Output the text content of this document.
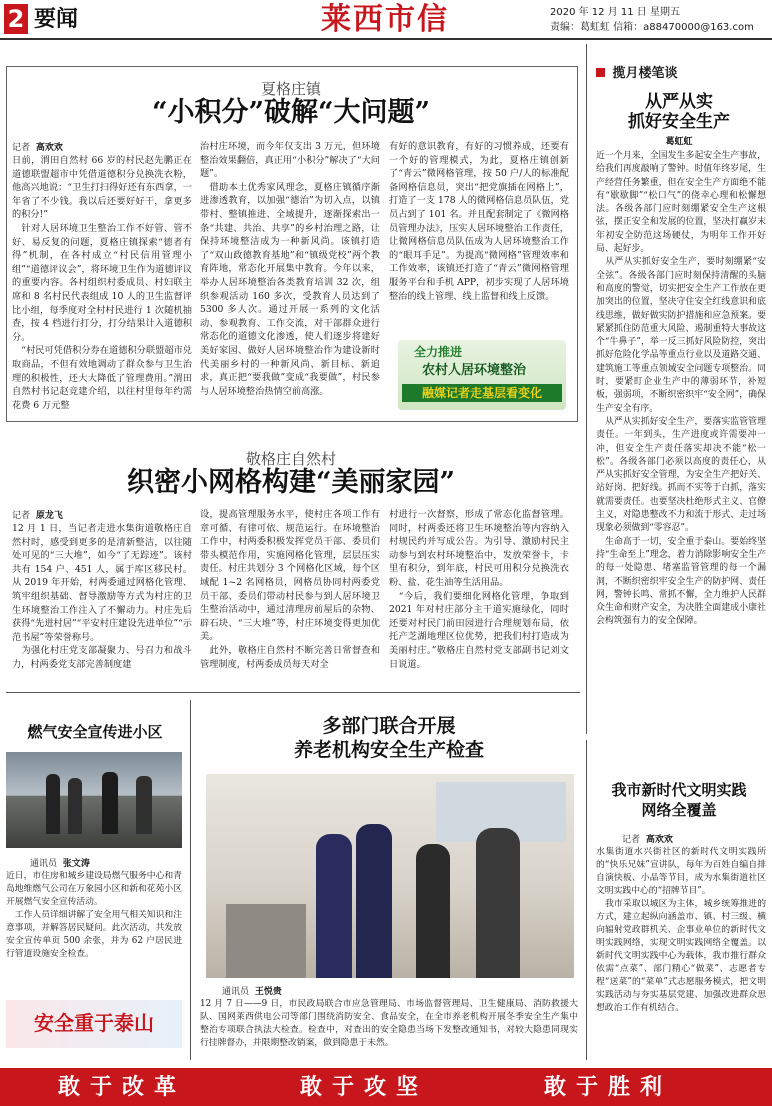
2 要闻	莱西市信	2020 年 12 月 11 日 星期五
责编：葛虹虹 信箱：a88470000@163.com
夏格庄镇
“小积分”破解“大问题”
记者 高欢欢
日前，渭田自然村 66 岁的村民赵先鹏正在道德联盟超市中凭借道德积分兑换洗衣粉，他高兴地说：“卫生打扫得好还有东西拿，一年省了不少钱。我以后还要好好干，拿更多的积分!”
　针对人居环境卫生整治工作不好管、管不好、易反复的问题，夏格庄镇探索“德者有得”机制，在各村成立“村民信用管理小组”“道德评议会”，将环境卫生作为道德评议的重要内容。各村组织村委成员、村妇联主席和 8 名村民代表组成 10 人的卫生监督评比小组，每季度对全村村民进行 1 次随机抽查，按 4 档进行打分，打分结果计入道德积分。
　“村民可凭借积分券在道德积分联盟超市兑取商品，不但有效地调动了群众参与卫生治理的积极性，还大大降低了管理费用。”渭田自然村书记赵竞建介绍，以往村里每年约需花费 6 万元整
治村庄环境，而今年仅支出 3 万元，但环境整治效果翻倍，真正用“小积分”解决了“大问题”。
　借助本土优秀家风理念，夏格庄镇循序渐进渗透教育，以加强“德治”为切入点，以镇带村、整镇推进、全域提升，逐渐探索出一条“共建、共治、共享”的乡村治理之路，让保持环境整洁成为一种新风尚。该镇打造了“双山政德教育基地”和“镇级党校”两个教育阵地，常态化开展集中教育。今年以来，举办人居环境整治各类教育培训 32 次，组织参观活动 160 多次，受教育人员达到了 5300 多人次。通过开展一系列的文化活动、参观教育、工作交流，对干部群众进行常态化的道德文化渗透，使人们逐步将建好美好家园、做好人居环境整治作为建设新时代美丽乡村的一种新风尚、新目标、新追求，真正把“要我做”变成“我要做”，村民参与人居环境整治热情空前高涨。
有好的意识教育，有好的习惯养成，还要有一个好的管理模式，为此，夏格庄镇创新了“青云”微网格管理，按 50 户/人的标准配备网格信息员，突出“把党旗插在网格上”，打造了一支 178 人的微网格信息员队伍，党员占到了 101 名。并且配套制定了《微网格员管理办法》，压实人居环境整治工作责任，让微网格信息员队伍成为人居环境整治工作的“眼耳手足”。为提高“微网格”管理效率和工作效率，该镇还打造了“青云”微网格管理服务平台和手机 APP，初步实现了人居环境整治的线上管理、线上监督和线上反馈。
全力推进
农村人居环境整治
融媒记者走基层看变化
敬格庄自然村
织密小网格构建“美丽家园”
记者 原龙飞
12 月 1 日，当记者走进水集街道敬格庄自然村时，感受到更多的是清新整洁，以往随处可见的“三大堆”，如今“了无踪迹”。该村共有 154 户、451 人，属于库区移民村。从 2019 年开始，村两委通过网格化管理、筑牢组织基础、督导激励等方式为村庄的卫生环境整治工作注入了不懈动力。村庄先后获得“先进村居”“平安村庄建设先进单位”“示范书屋”等荣誉称号。
　为强化村庄党支部凝聚力、号召力和战斗力，村两委党支部完善制度建
设，提高管理服务水平，使村庄各项工作有章可循、有律可依、规范运行。在环境整治工作中，村两委积极发挥党员干部、委员们带头模范作用，实施网格化管理，层层压实责任。村庄共划分 3 个网格化区域，每个区域配 1~2 名网格员，网格员协同村两委党员干部、委员们带动村民参与到人居环境卫生整治活动中，通过清理房前屋后的杂物、辟石块、“三大堆”等，村庄环境变得更加优美。
　此外，敬格庄自然村不断完善日常督查和管理制度，村两委成员每天对全
村进行一次督察，形成了常态化监督管理。同时，村两委还将卫生环境整治等内容纳入村规民约并写成公告。为引导、激励村民主动参与到农村环境整治中，发放荣誉卡，卡里有积分，到年底，村民可用积分兑换洗衣粉、盐、花生油等生活用品。
　“今后，我们要细化网格化管理，争取到 2021 年对村庄部分主干道实施绿化，同时还要对村民门前田园进行合理规划布局，依托产芝湖地理区位优势，把我们村打造成为美丽村庄。”敬格庄自然村党支部副书记刘文日说道。
揽月楼笔谈
从严从实
抓好安全生产
葛虹虹
近一个月来，全国发生多起安全生产事故，给我们再度敲响了警钟。时值年终岁尾，生产经营任务繁重，但在安全生产方面绝不能有“歇歇脚”“松口气”的侥幸心理和松懈想法。各级各部门应时刻绷紧安全生产这根弦，摆正安全和发展的位置，坚决打赢岁末年初安全防范这场硬仗，为明年工作开好局、起好步。
　从严从实抓好安全生产，要时刻绷紧“安全弦”。各级各部门应时刻保持清醒的头脑和高度的警觉，切实把安全生产工作放在更加突出的位置，坚决守住安全红线意识和底线思维，做好做实防护措施和应急预案。要紧紧抓住防范重大风险、遏制重特大事故这个“牛鼻子”，举一反三抓好风险防控，突出抓好危险化学品等重点行业以及道路交通、建筑施工等重点领域安全问题专项整治。同时，要紧盯企业生产中的薄弱环节，补短板，强弱项，不断织密织牢“安全网”，确保生产安全有序。
　从严从实抓好安全生产，要落实监管管理责任。一年到头，生产进度或许需要冲一冲，但安全生产责任落实却决不能“松一松”。各级各部门必须以高度的责任心，从严从实抓好安全管理，为安全生产把好关、站好岗、把好线。抓而不实等于白抓，落实就需要责任。也要坚决杜绝形式主义、官僚主义，对隐患整改不力和流于形式、走过场现象必须做到“零容忍”。
　生命高于一切，安全重于泰山。要始终坚持“生命至上”理念，着力消除影响安全生产的每一处隐患、堵塞监管管理的每一个漏洞，不断织密织牢安全生产的防护网、责任网，警钟长鸣、常抓不懈，全力维护人民群众生命和财产安全，为决胜全面建成小康社会构筑强有力的安全保障。
燃气安全宣传进小区
通讯员 张文涛
近日，市住房和城乡建设局燃气服务中心和青岛地维燃气公司在万象园小区和新和花苑小区开展燃气安全宣传活动。
　工作人员详细讲解了安全用气相关知识和注意事项，并解答居民疑问。此次活动，共发放安全宣传单页 500 余张，并为 62 户居民进行管道设施安全检查。
安全重于泰山
多部门联合开展
养老机构安全生产检查
通讯员 王悦贵
12 月 7 日——9 日，市民政局联合市应急管理局、市场监督管理局、卫生健康局、消防救援大队、国网莱西供电公司等部门围绕消防安全、食品安全，在全市养老机构开展冬季安全生产集中整治专项联合执法大检查。检查中，对查出的安全隐患当场下发整改通知书，对较大隐患同现实行挂牌督办，并限期整改销案，做到隐患于未然。
我市新时代文明实践
网络全覆盖
记者 高欢欢
水集街道水兴街社区的新时代文明实践所的“快乐兄妹”宣讲队，每年为百姓自编自排自演快板、小品等节目，成为水集街道社区文明实践中心的“招牌节目”。
　我市采取以城区为主体，城乡统筹推进的方式，建立起纵向涵盖市、镇、村三级、横向辐射党政群机关、企事业单位的新时代文明实践网络，实现文明实践网络全覆盖。以新时代文明实践中心为载体，我市推行群众依需“点菜”、部门精心“做菜”、志愿者专程“送菜”的“菜单”式志愿服务模式，把文明实践活动与夯实基层党建、加强改进群众思想政治工作有机结合。
敢于改革	敢于攻坚	敢于胜利
